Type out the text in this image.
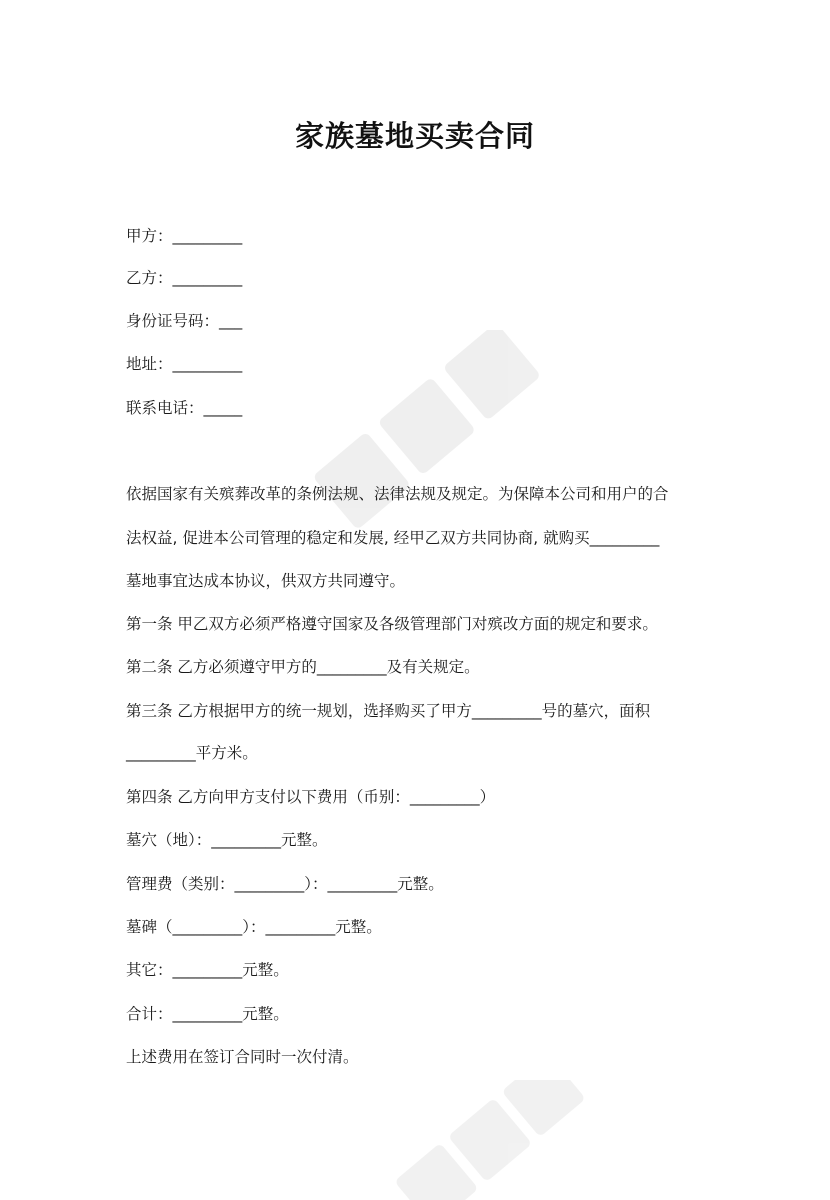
家族墓地买卖合同
甲方：_________
乙方：_________
身份证号码：___
地址：_________
联系电话：_____
依据国家有关殡葬改革的条例法规、法律法规及规定。为保障本公司和用户的合
法权益, 促进本公司管理的稳定和发展, 经甲乙双方共同协商, 就购买_________
墓地事宜达成本协议，供双方共同遵守。
第一条 甲乙双方必须严格遵守国家及各级管理部门对殡改方面的规定和要求。
第二条 乙方必须遵守甲方的_________及有关规定。
第三条 乙方根据甲方的统一规划，选择购买了甲方_________号的墓穴，面积
_________平方米。
第四条 乙方向甲方支付以下费用（币别：_________）
墓穴（地）：_________元整。
管理费（类别：_________）：_________元整。
墓碑（_________）：_________元整。
其它：_________元整。
合计：_________元整。
上述费用在签订合同时一次付清。
